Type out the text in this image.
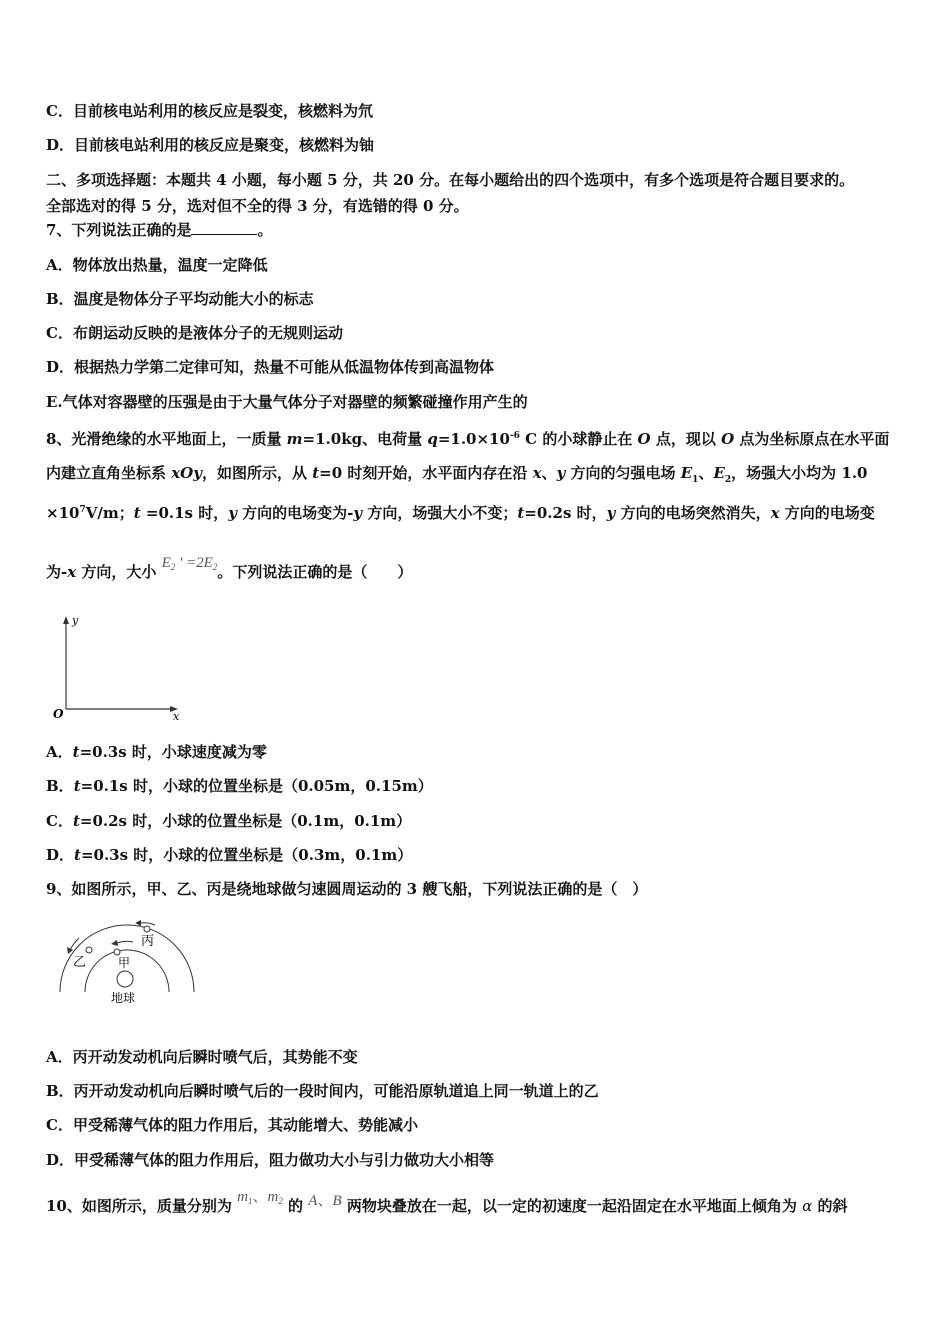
C．目前核电站利用的核反应是裂变，核燃料为氘
D．目前核电站利用的核反应是聚变，核燃料为铀
二、多项选择题：本题共 4 小题，每小题 5 分，共 20 分。在每小题给出的四个选项中，有多个选项是符合题目要求的。
全部选对的得 5 分，选对但不全的得 3 分，有选错的得 0 分。
7、下列说法正确的是	。
A．物体放出热量，温度一定降低
B．温度是物体分子平均动能大小的标志
C．布朗运动反映的是液体分子的无规则运动
D．根据热力学第二定律可知，热量不可能从低温物体传到高温物体
E.气体对容器壁的压强是由于大量气体分子对器壁的频繁碰撞作用产生的
8、光滑绝缘的水平地面上，一质量 m=1.0kg、电荷量 $q=1.0\times 10^{-6}$ C 的小球静止在 O 点，现以 O 点为坐标原点在水平面
内建立直角坐标系 xOy，如图所示，从 t=0 时刻开始，水平面内存在沿 x、y 方向的匀强电场 $E_1$、$E_2$，场强大小均为 1.0
$\times 10^7V/m$；t =0.1s 时，y 方向的电场变为-y 方向，场强大小不变；t=0.2s 时，y 方向的电场突然消失，x 方向的电场变
为-x 方向，大小 $E_2$ ' $=2E_2$。下列说法正确的是（　　）
y
x
O
A．t=0.3s 时，小球速度减为零
B．t=0.1s 时，小球的位置坐标是（0.05m，0.15m）
C．t=0.2s 时，小球的位置坐标是（0.1m，0.1m）
D．t=0.3s 时，小球的位置坐标是（0.3m，0.1m）
9、如图所示，甲、乙、丙是绕地球做匀速圆周运动的 3 艘飞船，下列说法正确的是（　）
丙
乙	甲
地球
A．丙开动发动机向后瞬时喷气后，其势能不变
B．丙开动发动机向后瞬时喷气后的一段时间内，可能沿原轨道追上同一轨道上的乙
C．甲受稀薄气体的阻力作用后，其动能增大、势能减小
D．甲受稀薄气体的阻力作用后，阻力做功大小与引力做功大小相等
10、如图所示，质量分别为 $m_1$、$m_2$ 的 A、B 两物块叠放在一起，以一定的初速度一起沿固定在水平地面上倾角为 α 的斜
